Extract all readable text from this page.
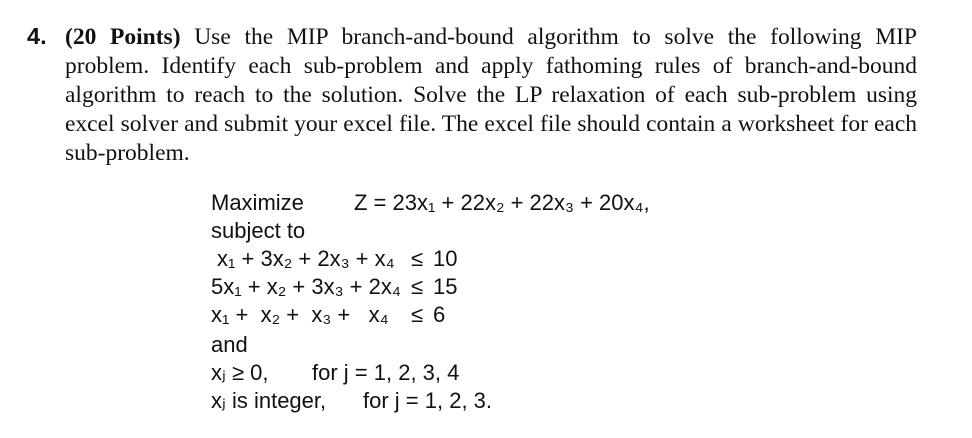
4. (20 Points) Use the MIP branch-and-bound algorithm to solve the following MIP problem. Identify each sub-problem and apply fathoming rules of branch-and-bound algorithm to reach to the solution. Solve the LP relaxation of each sub-problem using excel solver and submit your excel file. The excel file should contain a worksheet for each sub-problem.

Maximize Z = 23x₁ + 22x₂ + 22x₃ + 20x₄,
subject to
x₁ + 3x₂ + 2x₃ + x₄ ≤ 10
5x₁ + x₂ + 3x₃ + 2x₄ ≤ 15
x₁ +  x₂ +  x₃ +   x₄ ≤ 6
and
xⱼ ≥ 0, for j = 1, 2, 3, 4
xⱼ is integer, for j = 1, 2, 3.
